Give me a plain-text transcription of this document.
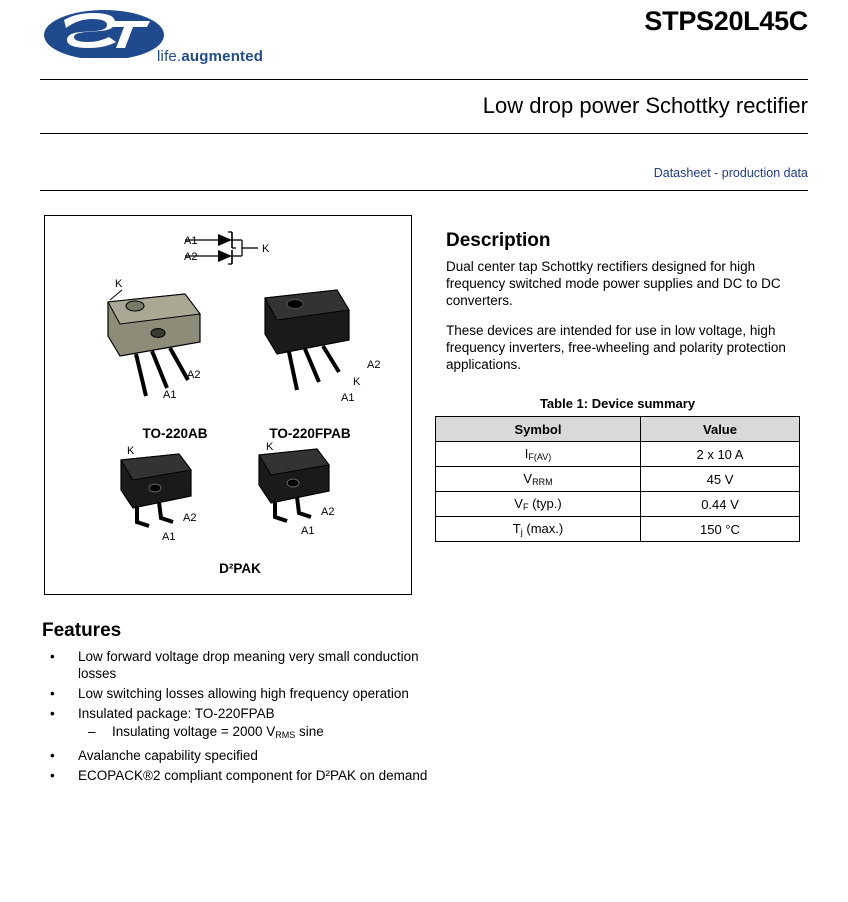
life.augmented
STPS20L45C
Low drop power Schottky rectifier
Datasheet - production data
A1
A2
K
K
A2
A1
TO-220AB
A2
K
A1
TO-220FPAB
K
A2
A1
K
A2
A1
D²PAK
Description
Dual center tap Schottky rectifiers designed for high frequency switched mode power supplies and DC to DC converters.
These devices are intended for use in low voltage, high frequency inverters, free-wheeling and polarity protection applications.
Table 1: Device summary
Symbol	Value
$I_{F(AV)}$	2 x 10 A
$V_{RRM}$	45 V
$V_F$ (typ.)	0.44 V
$T_j$ (max.)	150 °C
Features
• Low forward voltage drop meaning very small conduction losses
• Low switching losses allowing high frequency operation
• Insulated package: TO-220FPAB
– Insulating voltage = 2000 $V_{RMS}$ sine
• Avalanche capability specified
• ECOPACK®2 compliant component for D²PAK on demand
